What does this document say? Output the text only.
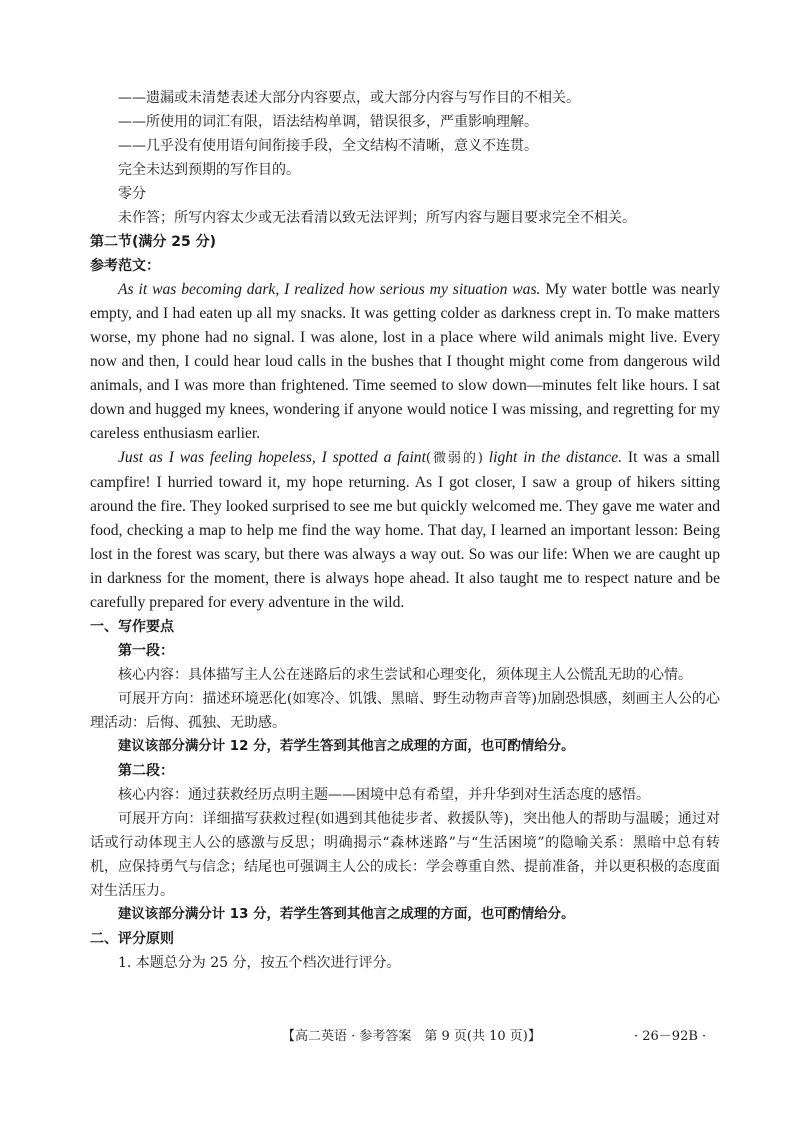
——遗漏或未清楚表述大部分内容要点，或大部分内容与写作目的不相关。

——所使用的词汇有限，语法结构单调，错误很多，严重影响理解。

——几乎没有使用语句间衔接手段，全文结构不清晰，意义不连贯。

完全未达到预期的写作目的。

零分

未作答；所写内容太少或无法看清以致无法评判；所写内容与题目要求完全不相关。

第二节(满分 25 分)

参考范文：

As it was becoming dark, I realized how serious my situation was. My water bottle was nearly empty, and I had eaten up all my snacks. It was getting colder as darkness crept in. To make matters worse, my phone had no signal. I was alone, lost in a place where wild animals might live. Every now and then, I could hear loud calls in the bushes that I thought might come from dangerous wild animals, and I was more than frightened. Time seemed to slow down—minutes felt like hours. I sat down and hugged my knees, wondering if anyone would notice I was missing, and regretting for my careless enthusiasm earlier.

Just as I was feeling hopeless, I spotted a faint(微弱的) light in the distance. It was a small campfire! I hurried toward it, my hope returning. As I got closer, I saw a group of hikers sitting around the fire. They looked surprised to see me but quickly welcomed me. They gave me water and food, checking a map to help me find the way home. That day, I learned an important lesson: Being lost in the forest was scary, but there was always a way out. So was our life: When we are caught up in darkness for the moment, there is always hope ahead. It also taught me to respect nature and be carefully prepared for every adventure in the wild.

一、写作要点

第一段：

核心内容：具体描写主人公在迷路后的求生尝试和心理变化，须体现主人公慌乱无助的心情。

可展开方向：描述环境恶化(如寒冷、饥饿、黑暗、野生动物声音等)加剧恐惧感，刻画主人公的心理活动：后悔、孤独、无助感。

建议该部分满分计 12 分，若学生答到其他言之成理的方面，也可酌情给分。

第二段：

核心内容：通过获救经历点明主题——困境中总有希望，并升华到对生活态度的感悟。

可展开方向：详细描写获救过程(如遇到其他徒步者、救援队等)，突出他人的帮助与温暖；通过对话或行动体现主人公的感激与反思；明确揭示“森林迷路”与“生活困境”的隐喻关系：黑暗中总有转机，应保持勇气与信念；结尾也可强调主人公的成长：学会尊重自然、提前准备，并以更积极的态度面对生活压力。

建议该部分满分计 13 分，若学生答到其他言之成理的方面，也可酌情给分。

二、评分原则

1. 本题总分为 25 分，按五个档次进行评分。

【高二英语 · 参考答案　第 9 页(共 10 页)】	· 26－92B ·
